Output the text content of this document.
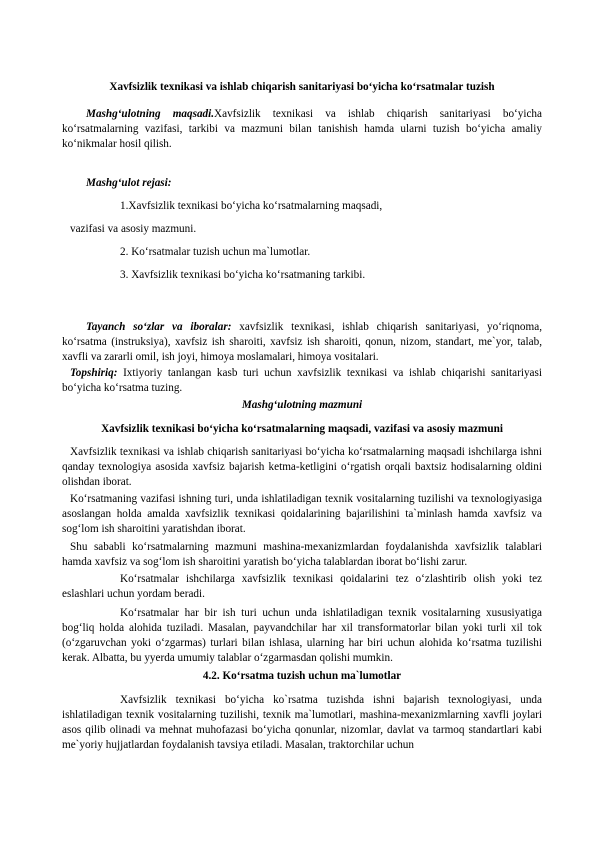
Xavfsizlik texnikasi va ishlab chiqarish sanitariyasi bo‘yicha ko‘rsatmalar tuzish

Mashg‘ulotning maqsadi.Xavfsizlik texnikasi va ishlab chiqarish sanitariyasi bo‘yicha ko‘rsatmalarning vazifasi, tarkibi va mazmuni bilan tanishish hamda ularni tuzish bo‘yicha amaliy ko‘nikmalar hosil qilish.

Mashg‘ulot rejasi:

1.Xavfsizlik texnikasi bo‘yicha ko‘rsatmalarning maqsadi,

vazifasi va asosiy mazmuni.

2. Ko‘rsatmalar tuzish uchun ma`lumotlar.

3. Xavfsizlik texnikasi bo‘yicha ko‘rsatmaning tarkibi.

Tayanch so‘zlar va iboralar: xavfsizlik texnikasi, ishlab chiqarish sanitariyasi, yo‘riqnoma, ko‘rsatma (instruksiya), xavfsiz ish sharoiti, xavfsiz ish sharoiti, qonun, nizom, standart, me`yor, talab, xavfli va zararli omil, ish joyi, himoya moslamalari, himoya vositalari.

Topshiriq: Ixtiyoriy tanlangan kasb turi uchun xavfsizlik texnikasi va ishlab chiqarishi sanitariyasi bo‘yicha ko‘rsatma tuzing.

Mashg‘ulotning mazmuni

Xavfsizlik texnikasi bo‘yicha ko‘rsatmalarning maqsadi, vazifasi va asosiy mazmuni

Xavfsizlik texnikasi va ishlab chiqarish sanitariyasi bo‘yicha ko‘rsatmalarning maqsadi ishchilarga ishni qanday texnologiya asosida xavfsiz bajarish ketma-ketligini o‘rgatish orqali baxtsiz hodisalarning oldini olishdan iborat.

Ko‘rsatmaning vazifasi ishning turi, unda ishlatiladigan texnik vositalarning tuzilishi va texnologiyasiga asoslangan holda amalda xavfsizlik texnikasi qoidalarining bajarilishini ta`minlash hamda xavfsiz va sog‘lom ish sharoitini yaratishdan iborat.

Shu sababli ko‘rsatmalarning mazmuni mashina-mexanizmlardan foydalanishda xavfsizlik talablari hamda xavfsiz va sog‘lom ish sharoitini yaratish bo‘yicha talablardan iborat bo‘lishi zarur.

Ko‘rsatmalar ishchilarga xavfsizlik texnikasi qoidalarini tez o‘zlashtirib olish yoki tez eslashlari uchun yordam beradi.

Ko‘rsatmalar har bir ish turi uchun unda ishlatiladigan texnik vositalarning xususiyatiga bog‘liq holda alohida tuziladi. Masalan, payvandchilar har xil transformatorlar bilan yoki turli xil tok (o‘zgaruvchan yoki o‘zgarmas) turlari bilan ishlasa, ularning har biri uchun alohida ko‘rsatma tuzilishi kerak. Albatta, bu yyerda umumiy talablar o‘zgarmasdan qolishi mumkin.

4.2. Ko‘rsatma tuzish uchun ma`lumotlar

Xavfsizlik texnikasi bo‘yicha ko`rsatma tuzishda ishni bajarish texnologiyasi, unda ishlatiladigan texnik vositalarning tuzilishi, texnik ma`lumotlari, mashina-mexanizmlarning xavfli joylari asos qilib olinadi va mehnat muhofazasi bo‘yicha qonunlar, nizomlar, davlat va tarmoq standartlari kabi me`yoriy hujjatlardan foydalanish tavsiya etiladi. Masalan, traktorchilar uchun
